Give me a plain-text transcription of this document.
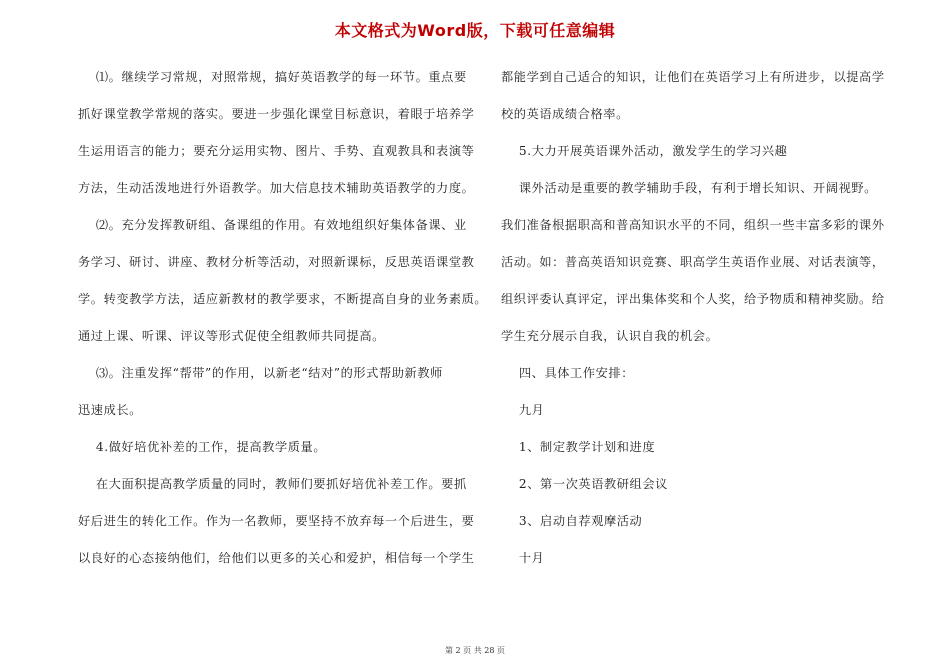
本文格式为Word版，下载可任意编辑
⑴。继续学习常规，对照常规，搞好英语教学的每一环节。重点要
抓好课堂教学常规的落实。要进一步强化课堂目标意识，着眼于培养学
生运用语言的能力；要充分运用实物、图片、手势、直观教具和表演等
方法，生动活泼地进行外语教学。加大信息技术辅助英语教学的力度。
⑵。充分发挥教研组、备课组的作用。有效地组织好集体备课、业
务学习、研讨、讲座、教材分析等活动，对照新课标，反思英语课堂教
学。转变教学方法，适应新教材的教学要求，不断提高自身的业务素质。
通过上课、听课、评议等形式促使全组教师共同提高。
⑶。注重发挥“帮带”的作用，以新老“结对”的形式帮助新教师
迅速成长。
4.做好培优补差的工作，提高教学质量。
在大面积提高教学质量的同时，教师们要抓好培优补差工作。要抓
好后进生的转化工作。作为一名教师，要坚持不放弃每一个后进生，要
以良好的心态接纳他们，给他们以更多的关心和爱护，相信每一个学生
都能学到自己适合的知识，让他们在英语学习上有所进步，以提高学
校的英语成绩合格率。
5.大力开展英语课外活动，激发学生的学习兴趣
课外活动是重要的教学辅助手段，有利于增长知识、开阔视野。
我们准备根据职高和普高知识水平的不同，组织一些丰富多彩的课外
活动。如：普高英语知识竞赛、职高学生英语作业展、对话表演等，
组织评委认真评定，评出集体奖和个人奖，给予物质和精神奖励。给
学生充分展示自我，认识自我的机会。
四、具体工作安排：
九月
1、制定教学计划和进度
2、第一次英语教研组会议
3、启动自荐观摩活动
十月
第 2 页 共 28 页
